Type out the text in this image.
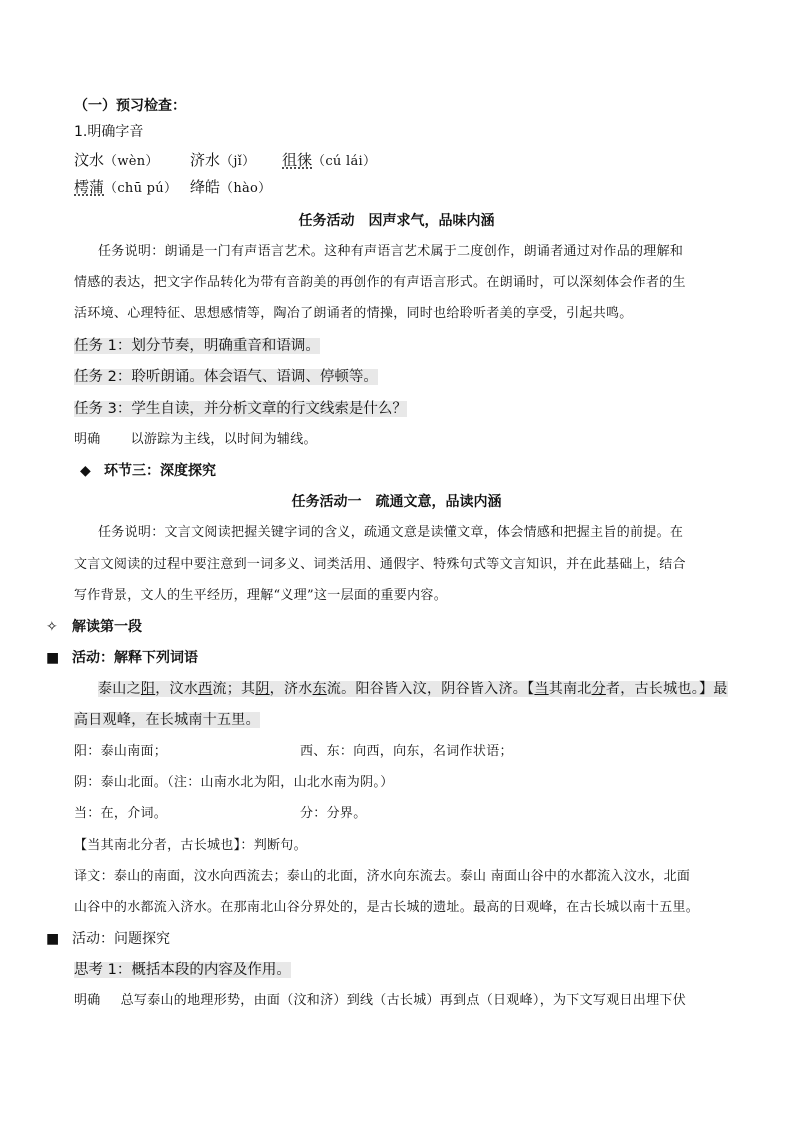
（一）预习检查：
1.明确字音
汶水（wèn） 济水（jǐ） 徂徕（cú lái）
樗蒲（chū pú） 绛皓（hào）
任务活动　因声求气，品味内涵
任务说明：朗诵是一门有声语言艺术。这种有声语言艺术属于二度创作，朗诵者通过对作品的理解和
情感的表达，把文字作品转化为带有音韵美的再创作的有声语言形式。在朗诵时，可以深刻体会作者的生
活环境、心理特征、思想感情等，陶冶了朗诵者的情操，同时也给聆听者美的享受，引起共鸣。
任务 1：划分节奏，明确重音和语调。
任务 2：聆听朗诵。体会语气、语调、停顿等。
任务 3：学生自读，并分析文章的行文线索是什么？
明确 以游踪为主线，以时间为辅线。
◆ 环节三：深度探究
任务活动一　疏通文意，品读内涵
任务说明：文言文阅读把握关键字词的含义，疏通文意是读懂文章，体会情感和把握主旨的前提。在
文言文阅读的过程中要注意到一词多义、词类活用、通假字、特殊句式等文言知识，并在此基础上，结合
写作背景，文人的生平经历，理解“义理”这一层面的重要内容。
✧ 解读第一段
■ 活动：解释下列词语
泰山之阳，汶水西流；其阴，济水东流。阳谷皆入汶，阴谷皆入济。【当其南北分者，古长城也。】最
高日观峰，在长城南十五里。
阳：泰山南面；	西、东：向西，向东，名词作状语；
阴：泰山北面。（注：山南水北为阳，山北水南为阴。）
当：在，介词。	分：分界。
【当其南北分者，古长城也】：判断句。
译文：泰山的南面，汶水向西流去；泰山的北面，济水向东流去。泰山 南面山谷中的水都流入汶水，北面
山谷中的水都流入济水。在那南北山谷分界处的，是古长城的遗址。最高的日观峰，在古长城以南十五里。
■ 活动：问题探究
思考 1：概括本段的内容及作用。
明确 总写泰山的地理形势，由面（汶和济）到线（古长城）再到点（日观峰），为下文写观日出埋下伏
